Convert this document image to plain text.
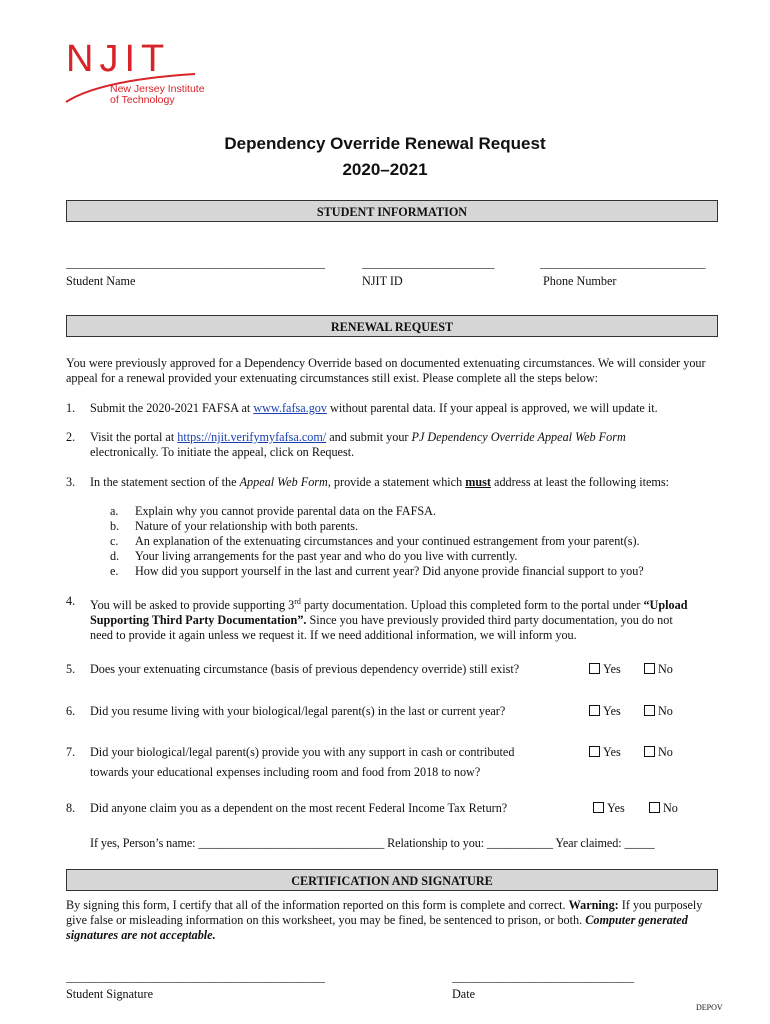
NJIT
New Jersey Institute
of Technology
Dependency Override Renewal Request
2020–2021
STUDENT INFORMATION
_______________________________________________	________________________	______________________________
Student Name	NJIT ID	Phone Number
RENEWAL REQUEST
You were previously approved for a Dependency Override based on documented extenuating circumstances. We will consider your appeal for a renewal provided your extenuating circumstances still exist. Please complete all the steps below:
1. Submit the 2020-2021 FAFSA at www.fafsa.gov without parental data. If your appeal is approved, we will update it.
2. Visit the portal at https://njit.verifymyfafsa.com/ and submit your PJ Dependency Override Appeal Web Form
electronically. To initiate the appeal, click on Request.
3. In the statement section of the Appeal Web Form, provide a statement which must address at least the following items:
a. Explain why you cannot provide parental data on the FAFSA.
b. Nature of your relationship with both parents.
c. An explanation of the extenuating circumstances and your continued estrangement from your parent(s).
d. Your living arrangements for the past year and who do you live with currently.
e. How did you support yourself in the last and current year? Did anyone provide financial support to you?
4. You will be asked to provide supporting 3rd party documentation. Upload this completed form to the portal under “Upload
Supporting Third Party Documentation”. Since you have previously provided third party documentation, you do not
need to provide it again unless we request it. If we need additional information, we will inform you.
5. Does your extenuating circumstance (basis of previous dependency override) still exist?	Yes	No
6. Did you resume living with your biological/legal parent(s) in the last or current year?	Yes	No
7. Did your biological/legal parent(s) provide you with any support in cash or contributed
towards your educational expenses including room and food from 2018 to now?
Yes	No
8. Did anyone claim you as a dependent on the most recent Federal Income Tax Return?	Yes	No
If yes, Person’s name: _______________________________ Relationship to you: ___________ Year claimed: _____
CERTIFICATION AND SIGNATURE
By signing this form, I certify that all of the information reported on this form is complete and correct. Warning: If you purposely give false or misleading information on this worksheet, you may be fined, be sentenced to prison, or both. Computer generated signatures are not acceptable.
_______________________________________________	_________________________________
Student Signature	Date
DEPOV
